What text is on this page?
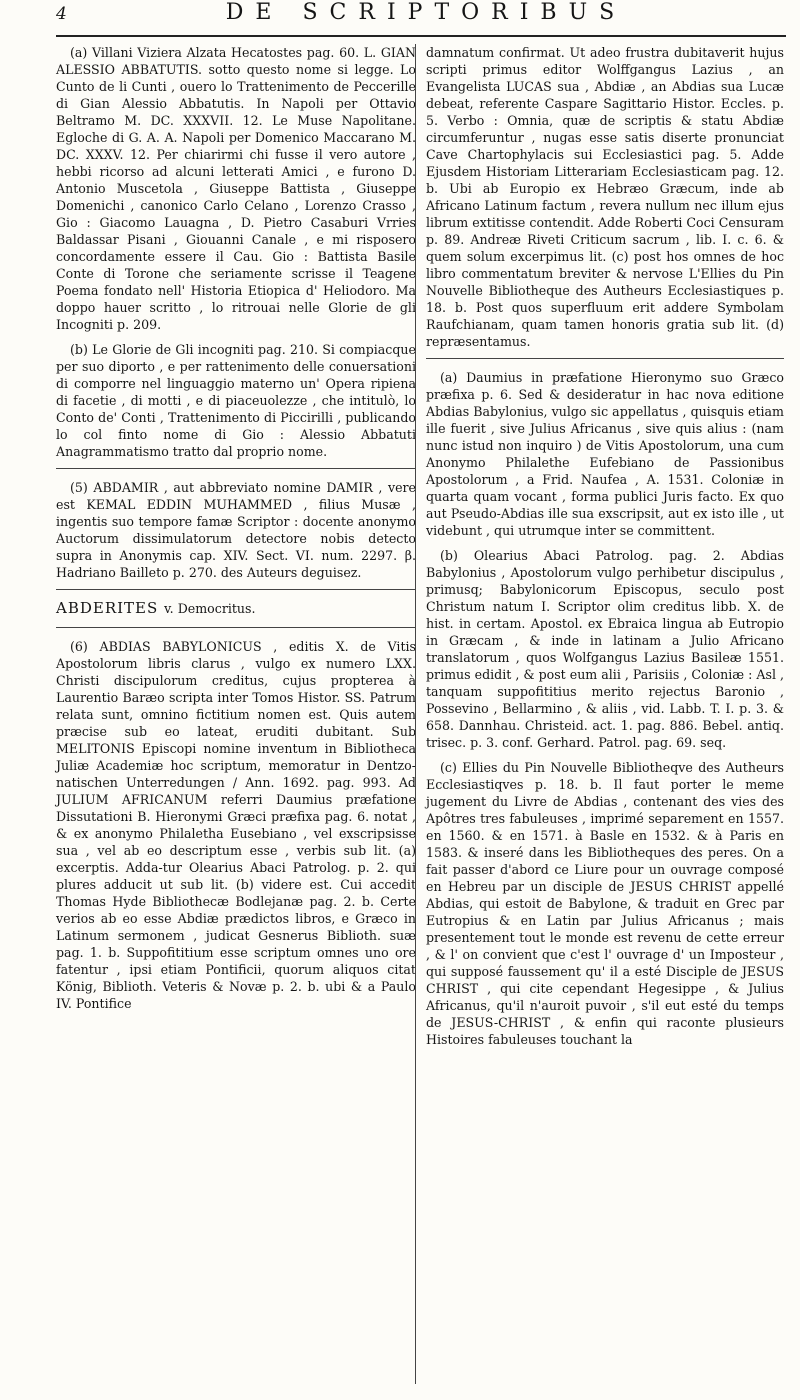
4	DE SCRIPTORIBUS

(a) Villani Viziera Alzata Hecatostes pag. 60. L. GIAN ALESSIO ABBATUTIS. sotto questo nome si legge. Lo Cunto de li Cunti , ouero lo Trattenimento de Peccerille di Gian Alessio Abbatutis. In Napoli per Ottavio Beltramo M. DC. XXXVII. 12. Le Muse Napolitane. Egloche di G. A. A. Napoli per Domenico Maccarano M. DC. XXXV. 12. Per chiarirmi chi fusse il vero autore , hebbi ricorso ad alcuni letterati Amici , e furono D. Antonio Muscetola , Giuseppe Battista , Giuseppe Domenichi , canonico Carlo Celano , Lorenzo Crasso , Gio : Giacomo Lauagna , D. Pietro Casaburi Vrries Baldassar Pisani , Giouanni Canale , e mi risposero concordamente essere il Cau. Gio : Battista Basile Conte di Torone che seriamente scrisse il Teagene Poema fondato nell' Historia Etiopica d' Heliodoro. Ma doppo hauer scritto , lo ritrouai nelle Glorie de gli Incogniti p. 209.

(b) Le Glorie de Gli incogniti pag. 210. Si compiacque per suo diporto , e per rattenimento delle conuersationi di comporre nel linguaggio materno un' Opera ripiena di facetie , di motti , e di piaceuolezze , che intitulò, lo Conto de' Conti , Trattenimento di Piccirilli , publicando lo col finto nome di Gio : Alessio Abbatuti Anagrammatismo tratto dal proprio nome.

(5) ABDAMIR , aut abbreviato nomine DAMIR , vere est KEMAL EDDIN MUHAMMED , filius Musæ , ingentis suo tempore famæ Scriptor : docente anonymo Auctorum dissimulatorum detectore nobis detecto supra in Anonymis cap. XIV. Sect. VI. num. 2297. β. Hadriano Bailleto p. 270. des Auteurs deguisez.

ABDERITES v. Democritus.

(6) ABDIAS BABYLONICUS , editis X. de Vitis Apostolorum libris clarus , vulgo ex numero LXX. Christi discipulorum creditus, cujus propterea à Laurentio Baræo scripta inter Tomos Histor. SS. Patrum relata sunt, omnino fictitium nomen est. Quis autem præcise sub eo lateat, eruditi dubitant. Sub MELITONIS Episcopi nomine inventum in Bibliotheca Juliæ Academiæ hoc scriptum, memoratur in Dentzo-natischen Unterredungen / Ann. 1692. pag. 993. Ad JULIUM AFRICANUM referri Daumius præfatione Dissutationi B. Hieronymi Græci præfixa pag. 6. notat , & ex anonymo Philaletha Eusebiano , vel exscripsisse sua , vel ab eo descriptum esse , verbis sub lit. (a) excerptis. Adda-tur Olearius Abaci Patrolog. p. 2. qui plures adducit ut sub lit. (b) videre est. Cui accedit Thomas Hyde Bibliothecæ Bodlejanæ pag. 2. b. Certe verios ab eo esse Abdiæ prædictos libros, e Græco in Latinum sermonem , judicat Gesnerus Biblioth. suæ pag. 1. b. Suppofititium esse scriptum omnes uno ore fatentur , ipsi etiam Pontificii, quorum aliquos citat König, Biblioth. Veteris & Novæ p. 2. b. ubi & a Paulo IV. Pontifice

damnatum confirmat. Ut adeo frustra dubitaverit hujus scripti primus editor Wolffgangus Lazius , an Evangelista LUCAS sua , Abdiæ , an Abdias sua Lucæ debeat, referente Caspare Sagittario Histor. Eccles. p. 5. Verbo : Omnia, quæ de scriptis & statu Abdiæ circumferuntur , nugas esse satis diserte pronunciat Cave Chartophylacis sui Ecclesiastici pag. 5. Adde Ejusdem Historiam Litterariam Ecclesiasticam pag. 12. b. Ubi ab Europio ex Hebræo Græcum, inde ab Africano Latinum factum , revera nullum nec illum ejus librum extitisse contendit. Adde Roberti Coci Censuram p. 89. Andreæ Riveti Criticum sacrum , lib. I. c. 6. & quem solum excerpimus lit. (c) post hos omnes de hoc libro commentatum breviter & nervose L'Ellies du Pin Nouvelle Bibliotheque des Autheurs Ecclesiastiques p. 18. b. Post quos superfluum erit addere Symbolam Raufchianam, quam tamen honoris gratia sub lit. (d) repræsentamus.

(a) Daumius in præfatione Hieronymo suo Græco præfixa p. 6. Sed & desideratur in hac nova editione Abdias Babylonius, vulgo sic appellatus , quisquis etiam ille fuerit , sive Julius Africanus , sive quis alius : (nam nunc istud non inquiro ) de Vitis Apostolorum, una cum Anonymo Philalethe Eufebiano de Passionibus Apostolorum , a Frid. Naufea , A. 1531. Coloniæ in quarta quam vocant , forma publici Juris facto. Ex quo aut Pseudo-Abdias ille sua exscripsit, aut ex isto ille , ut videbunt , qui utrumque inter se committent.

(b) Olearius Abaci Patrolog. pag. 2. Abdias Babylonius , Apostolorum vulgo perhibetur discipulus , primusq; Babylonicorum Episcopus, seculo post Christum natum I. Scriptor olim creditus libb. X. de hist. in certam. Apostol. ex Ebraica lingua ab Eutropio in Græcam , & inde in latinam a Julio Africano translatorum , quos Wolfgangus Lazius Basileæ 1551. primus edidit , & post eum alii , Parisiis , Coloniæ : Asl , tanquam suppofititius merito rejectus Baronio , Possevino , Bellarmino , & aliis , vid. Labb. T. I. p. 3. & 658. Dannhau. Christeid. act. 1. pag. 886. Bebel. antiq. trisec. p. 3. conf. Gerhard. Patrol. pag. 69. seq.

(c) Ellies du Pin Nouvelle Bibliotheqve des Autheurs Ecclesiastiqves p. 18. b. Il faut porter le meme jugement du Livre de Abdias , contenant des vies des Apôtres tres fabuleuses , imprimé separement en 1557. en 1560. & en 1571. à Basle en 1532. & à Paris en 1583. & inseré dans les Bibliotheques des peres. On a fait passer d'abord ce Liure pour un ouvrage composé en Hebreu par un disciple de JESUS CHRIST appellé Abdias, qui estoit de Babylone, & traduit en Grec par Eutropius & en Latin par Julius Africanus ; mais presentement tout le monde est revenu de cette erreur , & l' on convient que c'est l' ouvrage d' un Impostеur , qui supposé faussement qu' il a esté Disciple de JESUS CHRIST , qui cite cependant Hegesippe , & Julius Africanus, qu'il n'auroit puvoir , s'il eut esté du temps de JESUS-CHRIST , & enfin qui raconte plusieurs Histoires fabuleuses touchant la
